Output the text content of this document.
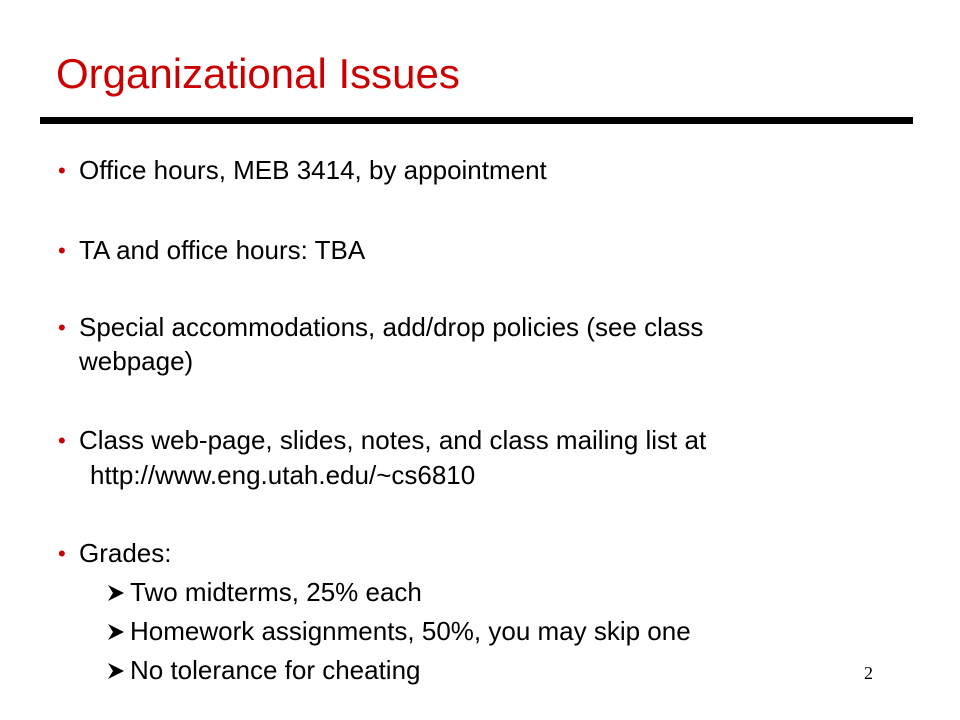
Organizational Issues
• Office hours, MEB 3414, by appointment
• TA and office hours: TBA
• Special accommodations, add/drop policies (see class
webpage)
• Class web-page, slides, notes, and class mailing list at
http://www.eng.utah.edu/~cs6810
• Grades:
Two midterms, 25% each
Homework assignments, 50%, you may skip one
No tolerance for cheating	2
